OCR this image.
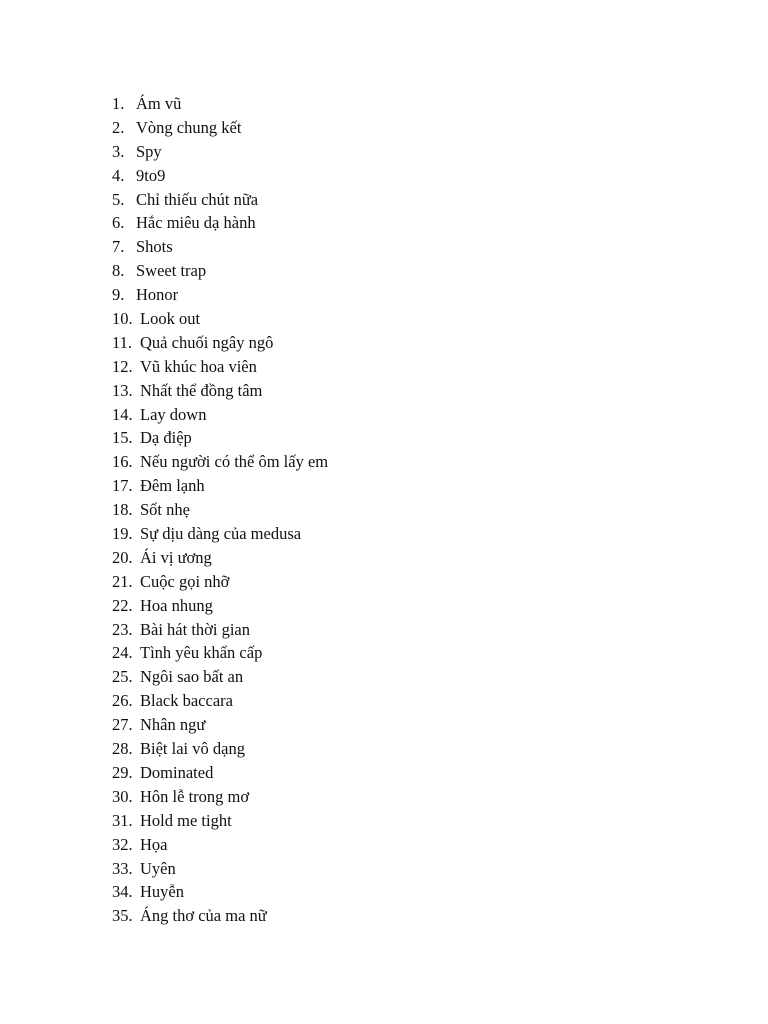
1. Ám vũ
2. Vòng chung kết
3. Spy
4. 9to9
5. Chỉ thiếu chút nữa
6. Hắc miêu dạ hành
7. Shots
8. Sweet trap
9. Honor
10. Look out
11. Quả chuối ngây ngô
12. Vũ khúc hoa viên
13. Nhất thể đồng tâm
14. Lay down
15. Dạ điệp
16. Nếu người có thể ôm lấy em
17. Đêm lạnh
18. Sốt nhẹ
19. Sự dịu dàng của medusa
20. Ái vị ương
21. Cuộc gọi nhỡ
22. Hoa nhung
23. Bài hát thời gian
24. Tình yêu khẩn cấp
25. Ngôi sao bất an
26. Black baccara
27. Nhân ngư
28. Biệt lai vô dạng
29. Dominated
30. Hôn lễ trong mơ
31. Hold me tight
32. Họa
33. Uyên
34. Huyễn
35. Áng thơ của ma nữ
